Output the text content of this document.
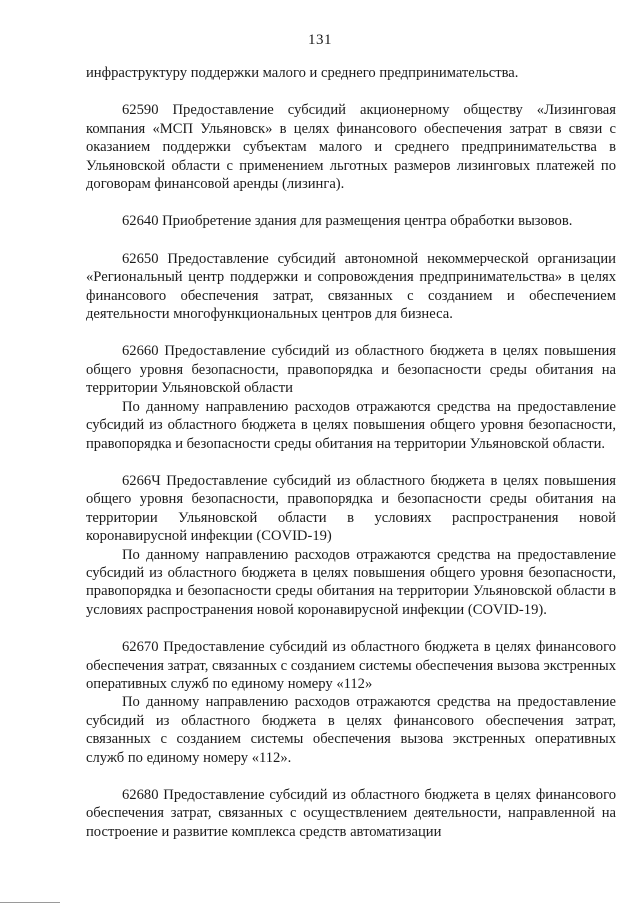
131

инфраструктуру поддержки малого и среднего предпринимательства.

62590 Предоставление субсидий акционерному обществу «Лизинговая компания «МСП Ульяновск» в целях финансового обеспечения затрат в связи с оказанием поддержки субъектам малого и среднего предпринимательства в Ульяновской области с применением льготных размеров лизинговых платежей по договорам финансовой аренды (лизинга).

62640 Приобретение здания для размещения центра обработки вызовов.

62650 Предоставление субсидий автономной некоммерческой организации «Региональный центр поддержки и сопровождения предпринимательства» в целях финансового обеспечения затрат, связанных с созданием и обеспечением деятельности многофункциональных центров для бизнеса.

62660 Предоставление субсидий из областного бюджета в целях повышения общего уровня безопасности, правопорядка и безопасности среды обитания на территории Ульяновской области

По данному направлению расходов отражаются средства на предоставление субсидий из областного бюджета в целях повышения общего уровня безопасности, правопорядка и безопасности среды обитания на территории Ульяновской области.

6266Ч Предоставление субсидий из областного бюджета в целях повышения общего уровня безопасности, правопорядка и безопасности среды обитания на территории Ульяновской области в условиях распространения новой коронавирусной инфекции (COVID-19)

По данному направлению расходов отражаются средства на предоставление субсидий из областного бюджета в целях повышения общего уровня безопасности, правопорядка и безопасности среды обитания на территории Ульяновской области в условиях распространения новой коронавирусной инфекции (COVID-19).

62670 Предоставление субсидий из областного бюджета в целях финансового обеспечения затрат, связанных с созданием системы обеспечения вызова экстренных оперативных служб по единому номеру «112»

По данному направлению расходов отражаются средства на предоставление субсидий из областного бюджета в целях финансового обеспечения затрат, связанных с созданием системы обеспечения вызова экстренных оперативных служб по единому номеру «112».

62680 Предоставление субсидий из областного бюджета в целях финансового обеспечения затрат, связанных с осуществлением деятельности, направленной на построение и развитие комплекса средств автоматизации
